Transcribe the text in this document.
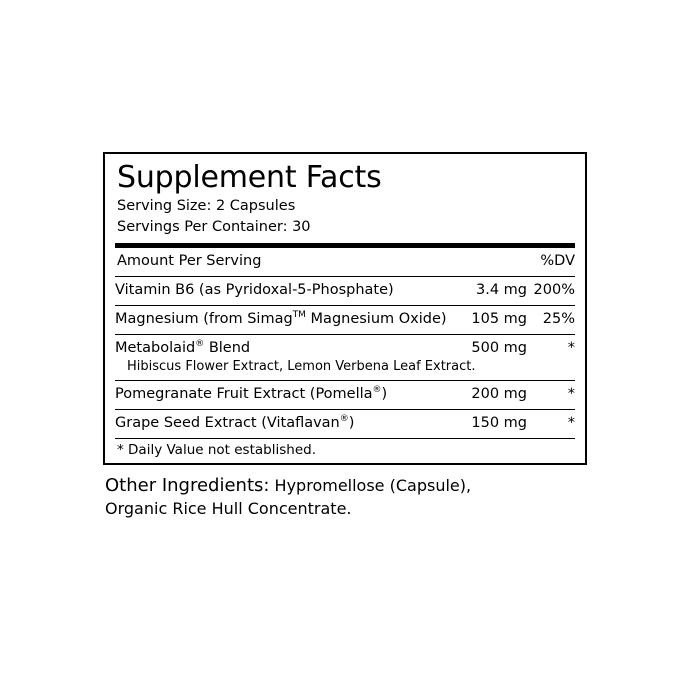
Supplement Facts
Serving Size: 2 Capsules
Servings Per Container: 30
Amount Per Serving		%DV
Vitamin B6 (as Pyridoxal-5-Phosphate)	3.4 mg	200%
Magnesium (from Simag™ Magnesium Oxide)	105 mg	25%
Metabolaid® Blend
Hibiscus Flower Extract, Lemon Verbena Leaf Extract.	500 mg	*
Pomegranate Fruit Extract (Pomella®)	200 mg	*
Grape Seed Extract (Vitaflavan®)	150 mg	*
* Daily Value not established.
Other Ingredients: Hypromellose (Capsule),
Organic Rice Hull Concentrate.
